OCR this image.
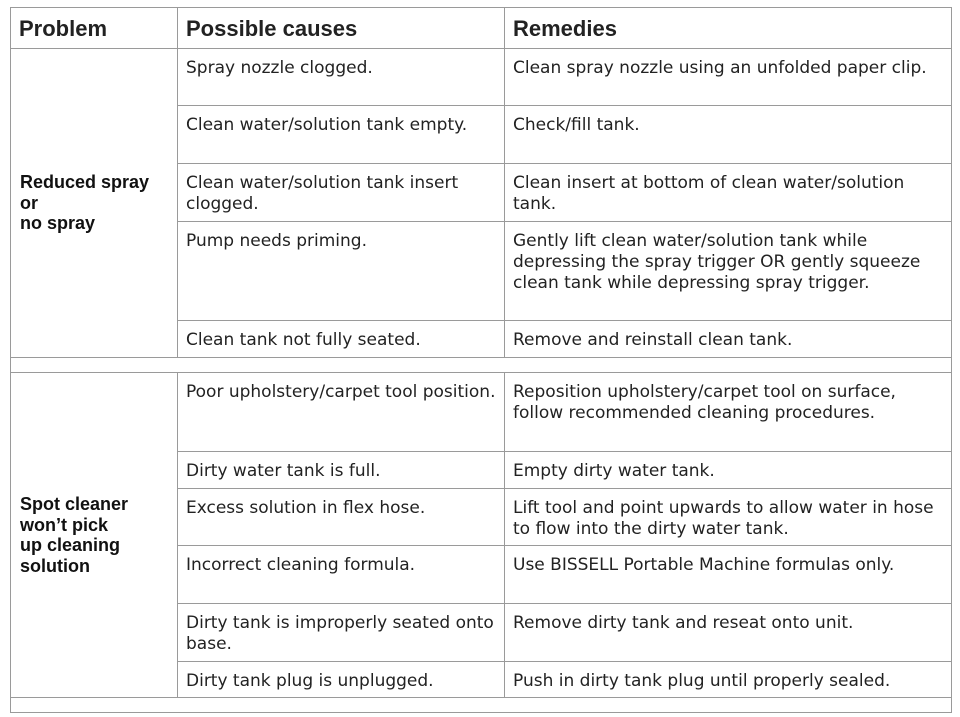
Problem	Possible causes	Remedies

Reduced spray
or
no spray	Spray nozzle clogged.	Clean spray nozzle using an unfolded paper clip.
	Clean water/solution tank empty.	Check/fill tank.
	Clean water/solution tank insert clogged.	Clean insert at bottom of clean water/solution tank.
	Pump needs priming.	Gently lift clean water/solution tank while depressing the spray trigger OR gently squeeze clean tank while depressing spray trigger.
	Clean tank not fully seated.	Remove and reinstall clean tank.

Spot cleaner
won’t pick
up cleaning
solution	Poor upholstery/carpet tool position.	Reposition upholstery/carpet tool on surface, follow recommended cleaning procedures.
	Dirty water tank is full.	Empty dirty water tank.
	Excess solution in flex hose.	Lift tool and point upwards to allow water in hose to flow into the dirty water tank.
	Incorrect cleaning formula.	Use BISSELL Portable Machine formulas only.
	Dirty tank is improperly seated onto base.	Remove dirty tank and reseat onto unit.
	Dirty tank plug is unplugged.	Push in dirty tank plug until properly sealed.
